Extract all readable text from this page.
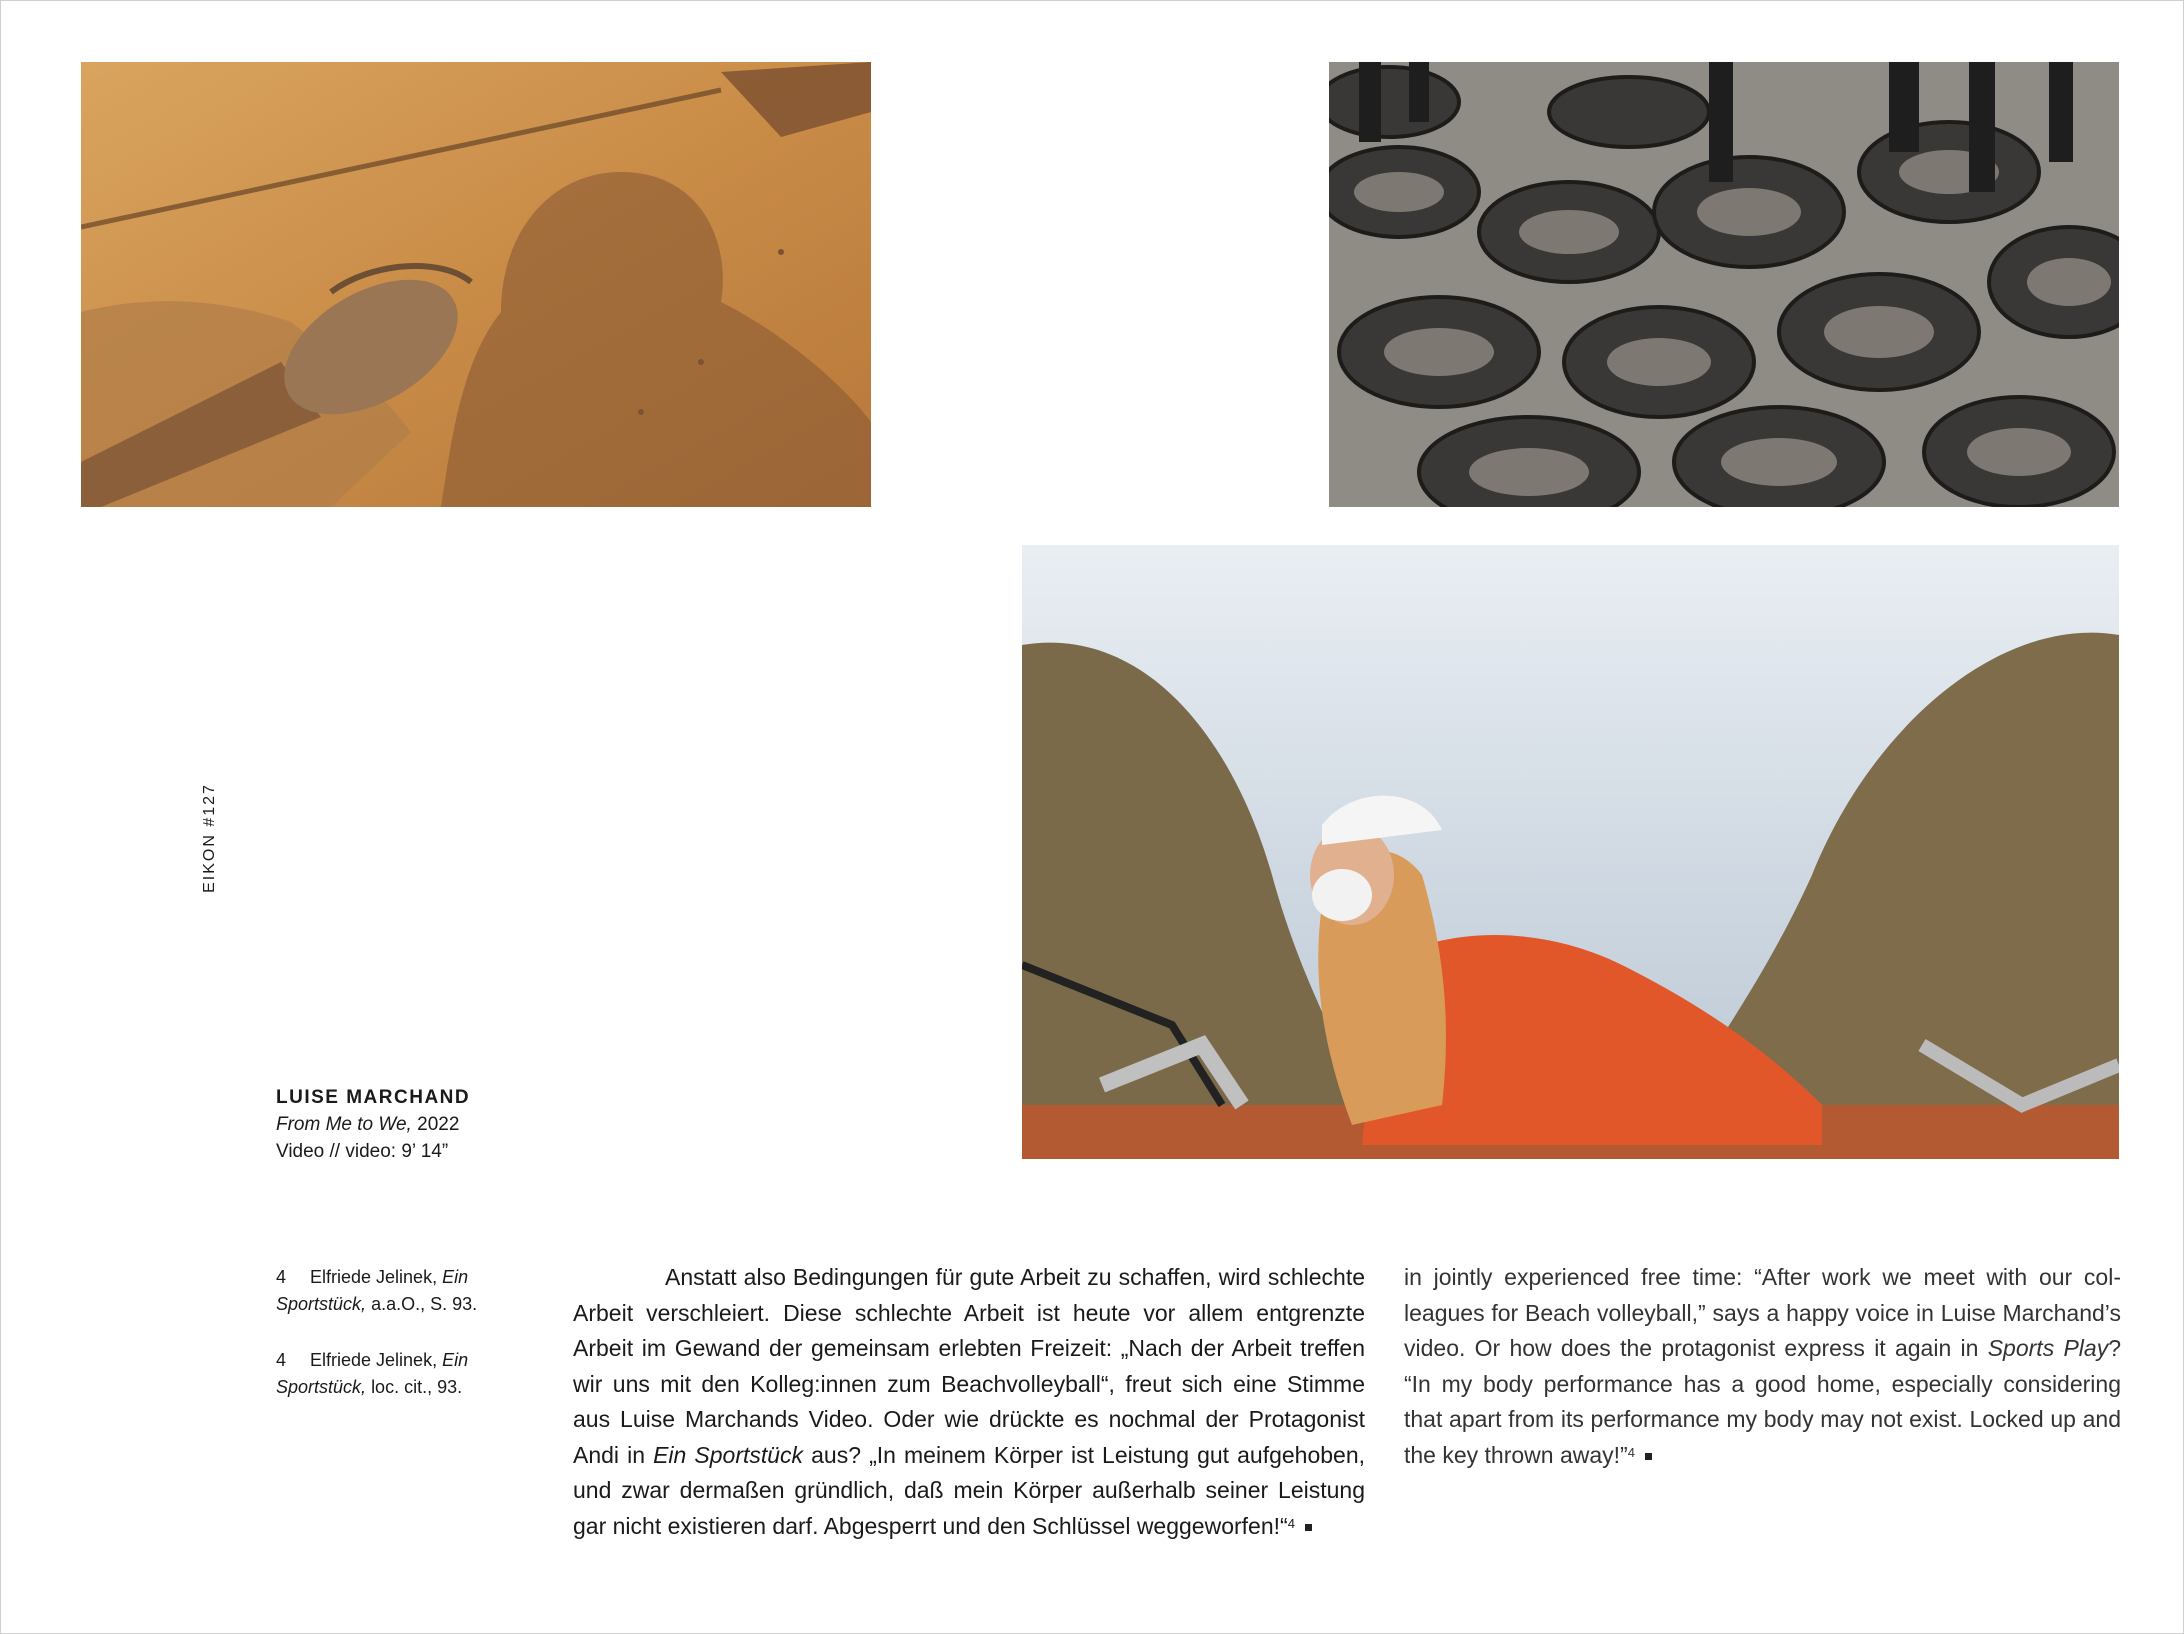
EIKON #127
LUISE MARCHAND
From Me to We, 2022
Video // video: 9’ 14”
4 Elfriede Jelinek, Ein Sportstück, a.a.O., S. 93.
4 Elfriede Jelinek, Ein Sportstück, loc. cit., 93.

Anstatt also Bedingungen für gute Arbeit zu schaffen, wird schlechte Arbeit verschleiert. Diese schlechte Arbeit ist heute vor allem entgrenzte Arbeit im Gewand der gemeinsam erlebten Freizeit: „Nach der Arbeit treffen wir uns mit den Kolleg:innen zum Beachvolleyball“, freut sich eine Stimme aus Luise Marchands Video. Oder wie drückte es nochmal der Protagonist Andi in Ein Sportstück aus? „In meinem Körper ist Leistung gut aufgehoben, und zwar dermaßen gründlich, daß mein Körper außerhalb seiner Leistung gar nicht existieren darf. Abgesperrt und den Schlüssel weggeworfen!“$^4$

in jointly experienced free time: “After work we meet with our colleagues for Beach volleyball,” says a happy voice in Luise Marchand’s video. Or how does the protagonist express it again in Sports Play? “In my body performance has a good home, especially considering that apart from its performance my body may not exist. Locked up and the key thrown away!”$^4$
